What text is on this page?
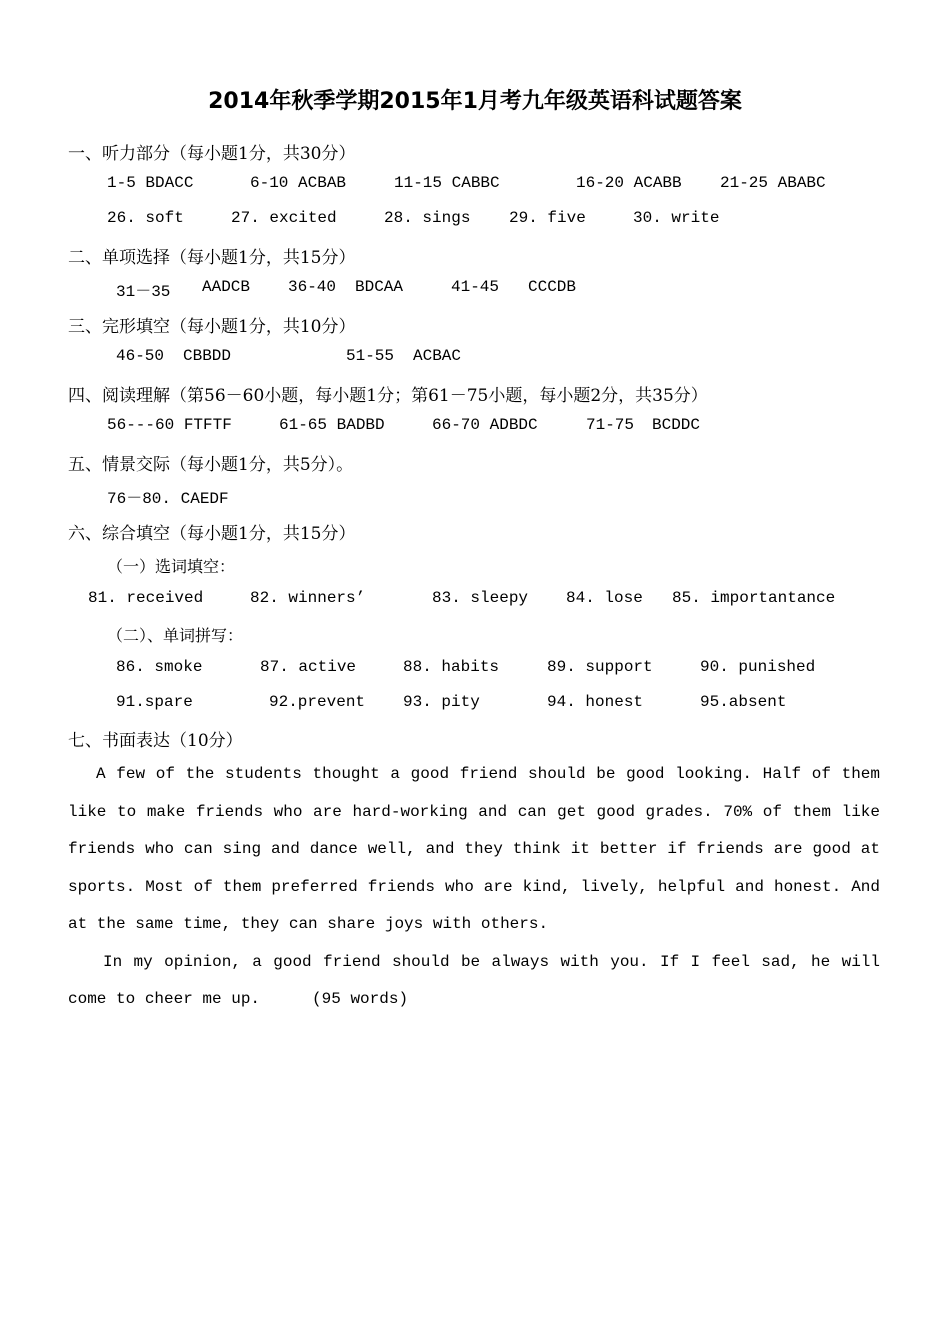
2014年秋季学期2015年1月考九年级英语科试题答案
一、听力部分（每小题1分，共30分）
1-5 BDACC	6-10 ACBAB	11-15 CABBC	16-20 ACABB 21-25 ABABC
26. soft	27. excited	28. sings 29. five	30. write
二、单项选择（每小题1分，共15分）
31－35 AADCB 36-40 BDCAA	41-45 CCCDB
三、完形填空（每小题1分，共10分）
46-50 CBBDD	51-55 ACBAC
四、阅读理解（第56－60小题，每小题1分；第61－75小题，每小题2分，共35分）
56---60 FTFTF	61-65 BADBD	66-70 ADBDC	71-75 BCDDC
五、情景交际（每小题1分，共5分）。
76－80. CAEDF
六、综合填空（每小题1分，共15分）
（一）选词填空：
81. received	82. winners’	83. sleepy 84. lose 85. importantance
（二）、单词拼写：
86. smoke	87. active	88. habits	89. support	90. punished
91.spare	92.prevent 93. pity	94. honest	95.absent
七、书面表达（10分）

A few of the students thought a good friend should be good looking. Half of them like to make friends who are hard-working and can get good grades. 70% of them like friends who can sing and dance well, and they think it better if friends are good at sports. Most of them preferred friends who are kind, lively, helpful and honest. And at the same time, they can share joys with others.

In my opinion, a good friend should be always with you. If I feel sad, he will come to cheer me up.	(95 words)
